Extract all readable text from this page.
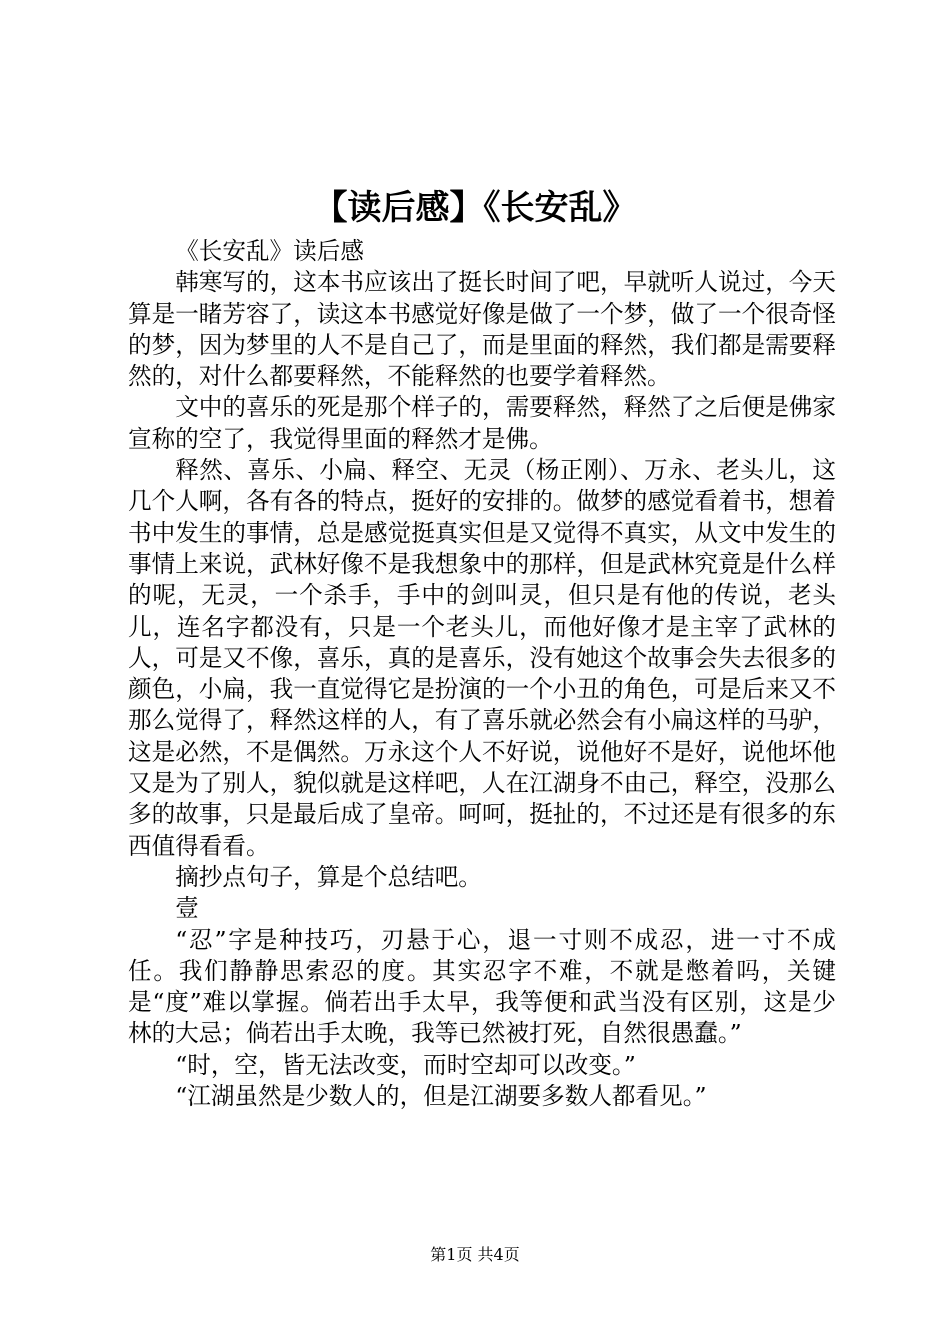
【读后感】《长安乱》

《长安乱》读后感

韩寒写的，这本书应该出了挺长时间了吧，早就听人说过，今天算是一睹芳容了，读这本书感觉好像是做了一个梦，做了一个很奇怪的梦，因为梦里的人不是自己了，而是里面的释然，我们都是需要释然的，对什么都要释然，不能释然的也要学着释然。

文中的喜乐的死是那个样子的，需要释然，释然了之后便是佛家宣称的空了，我觉得里面的释然才是佛。

释然、喜乐、小扁、释空、无灵（杨正刚）、万永、老头儿，这几个人啊，各有各的特点，挺好的安排的。做梦的感觉看着书，想着书中发生的事情，总是感觉挺真实但是又觉得不真实，从文中发生的事情上来说，武林好像不是我想象中的那样，但是武林究竟是什么样的呢，无灵，一个杀手，手中的剑叫灵，但只是有他的传说，老头儿，连名字都没有，只是一个老头儿，而他好像才是主宰了武林的人，可是又不像，喜乐，真的是喜乐，没有她这个故事会失去很多的颜色，小扁，我一直觉得它是扮演的一个小丑的角色，可是后来又不那么觉得了，释然这样的人，有了喜乐就必然会有小扁这样的马驴，这是必然，不是偶然。万永这个人不好说，说他好不是好，说他坏他又是为了别人，貌似就是这样吧，人在江湖身不由己，释空，没那么多的故事，只是最后成了皇帝。呵呵，挺扯的，不过还是有很多的东西值得看看。

摘抄点句子，算是个总结吧。

壹

“忍”字是种技巧，刃悬于心，退一寸则不成忍，进一寸不成任。我们静静思索忍的度。其实忍字不难，不就是憋着吗，关键是“度”难以掌握。倘若出手太早，我等便和武当没有区别，这是少林的大忌；倘若出手太晚，我等已然被打死，自然很愚蠢。”

“时，空，皆无法改变，而时空却可以改变。”

“江湖虽然是少数人的，但是江湖要多数人都看见。”

第1页 共4页
